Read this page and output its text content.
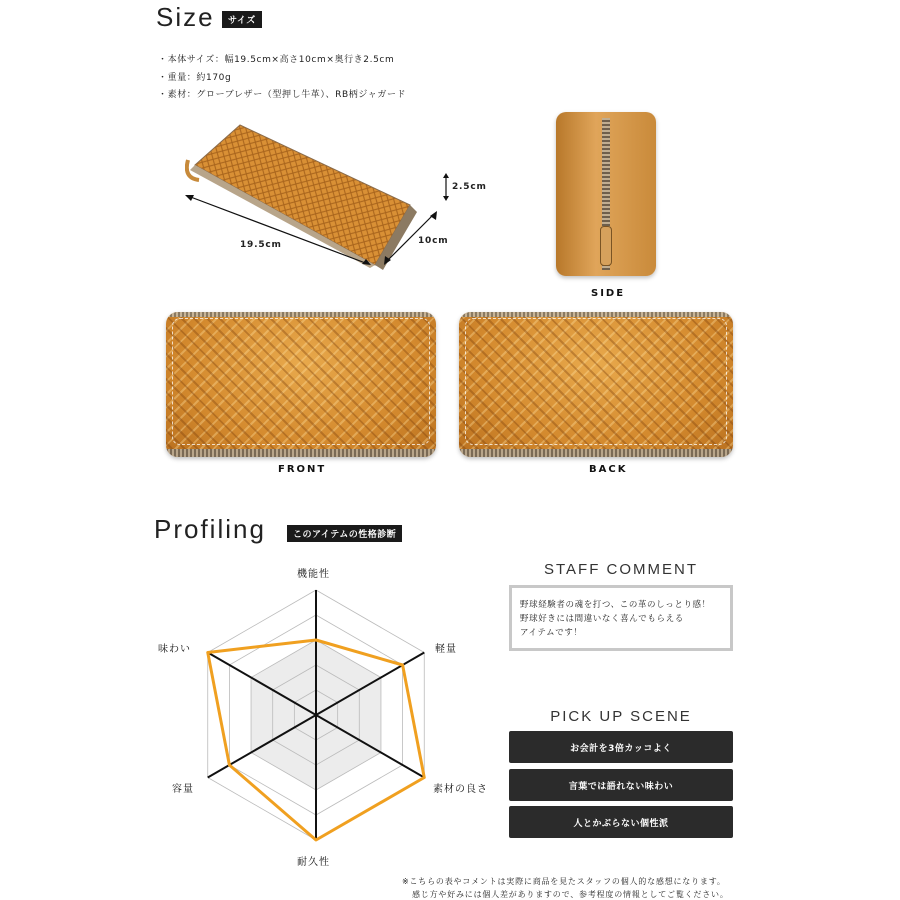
Size	サイズ
・本体サイズ：幅19.5cm×高さ10cm×奥行き2.5cm
・重量：約170g
・素材：グローブレザー（型押し牛革）、RB柄ジャガード
19.5cm	10cm
2.5cm
SIDE
FRONT	BACK
Profiling	このアイテムの性格診断
機能性
軽量
素材の良さ
耐久性
容量
味わい
STAFF COMMENT
野球経験者の魂を打つ、この革のしっとり感！
野球好きには間違いなく喜んでもらえる
アイテムです！
PICK UP SCENE
お会計を3倍カッコよく
言葉では語れない味わい
人とかぶらない個性派
※こちらの表やコメントは実際に商品を見たスタッフの個人的な感想になります。
感じ方や好みには個人差がありますので、参考程度の情報としてご覧ください。
